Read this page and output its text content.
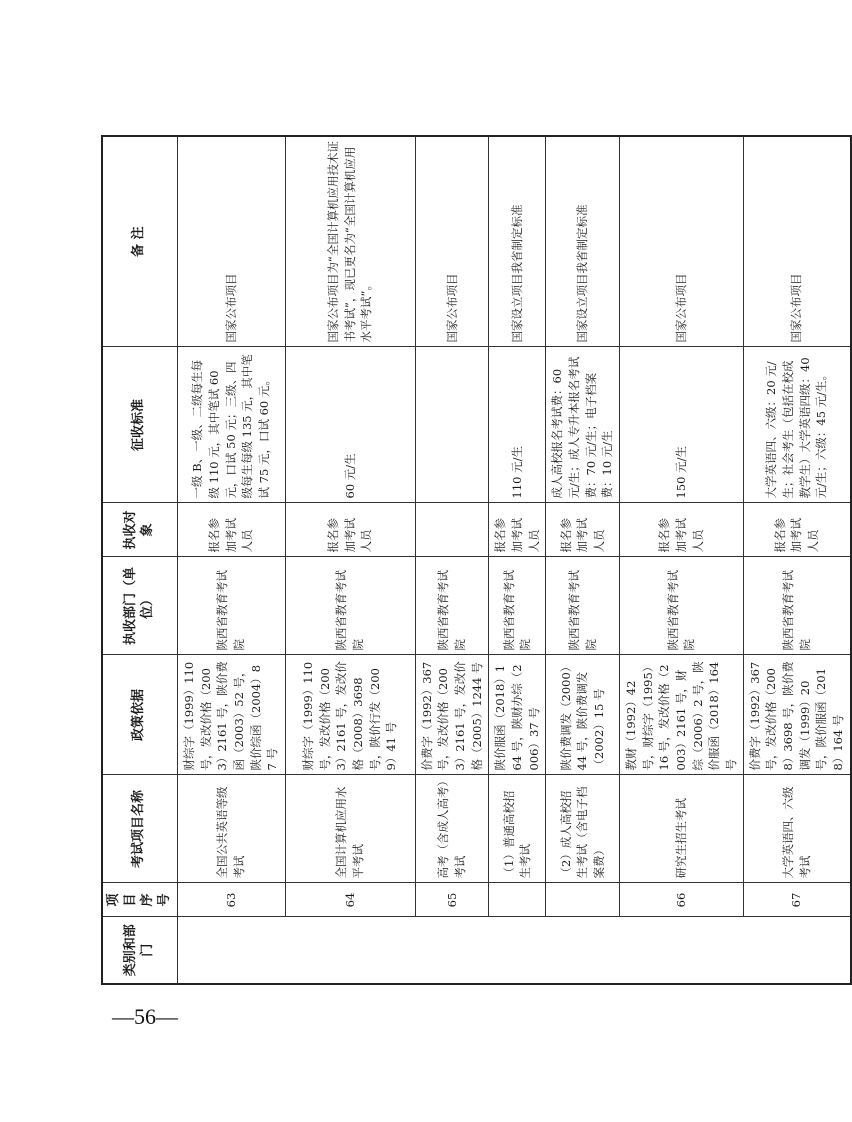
—56—
类别和部门	项目序号	考试项目名称	政策依据	执收部门（单位）	执收对象	征收标准	备 注
	63	全国公共英语等级考试	财综字（1999）110 号，发改价格（2003）2161 号，陕价费函（2003）52 号，陕价综函（2004）87 号	陕西省教育考试院	报名参加考试人员	一级 B、一级、二级每生每级 110 元，其中笔试 60 元，口试 50 元；三级、四级每生每级 135 元，其中笔试 75 元，口试 60 元。	国家公布项目
	64	全国计算机应用水平考试	财综字（1999）110 号，发改价格（2003）2161 号，发改价格（2008）3698 号，陕价行发（2009）41 号	陕西省教育考试院	报名参加考试人员	60 元/生	国家公布项目为“全国计算机应用技术证书考试”，现已更名为“全国计算机应用水平考试”。
	65	高考（含成人高考）考试	价费字（1992）367 号，发改价格（2003）2161 号，发改价格（2005）1244 号	陕西省教育考试院			国家公布项目
		（1）普通高校招生考试	陕价服函（2018）164 号，陕财办综（2006）37 号	陕西省教育考试院	报名参加考试人员	110 元/生	国家设立项目我省制定标准
		（2）成人高校招生考试（含电子档案费）	陕价费调发（2000）44 号，陕价费调发（2002）15 号	陕西省教育考试院	报名参加考试人员	成人高校报名考试费：60 元/生；成人专升本报名考试费：70 元/生；电子档案费：10 元/生	国家设立项目我省制定标准
	66	研究生招生考试	教财（1992）42 号，财综字（1995）16 号，发改价格（2003）2161 号，财综（2006）2 号，陕价服函（2018）164 号	陕西省教育考试院	报名参加考试人员	150 元/生	国家公布项目
	67	大学英语四、六级考试	价费字（1992）367 号，发改价格（2008）3698 号，陕价费调发（1999）20 号，陕价服函（2018）164 号	陕西省教育考试院	报名参加考试人员	大学英语四、六级：20 元/生；社会考生（包括在校成教学生）大学英语四级：40 元/生；六级：45 元/生。	国家公布项目
